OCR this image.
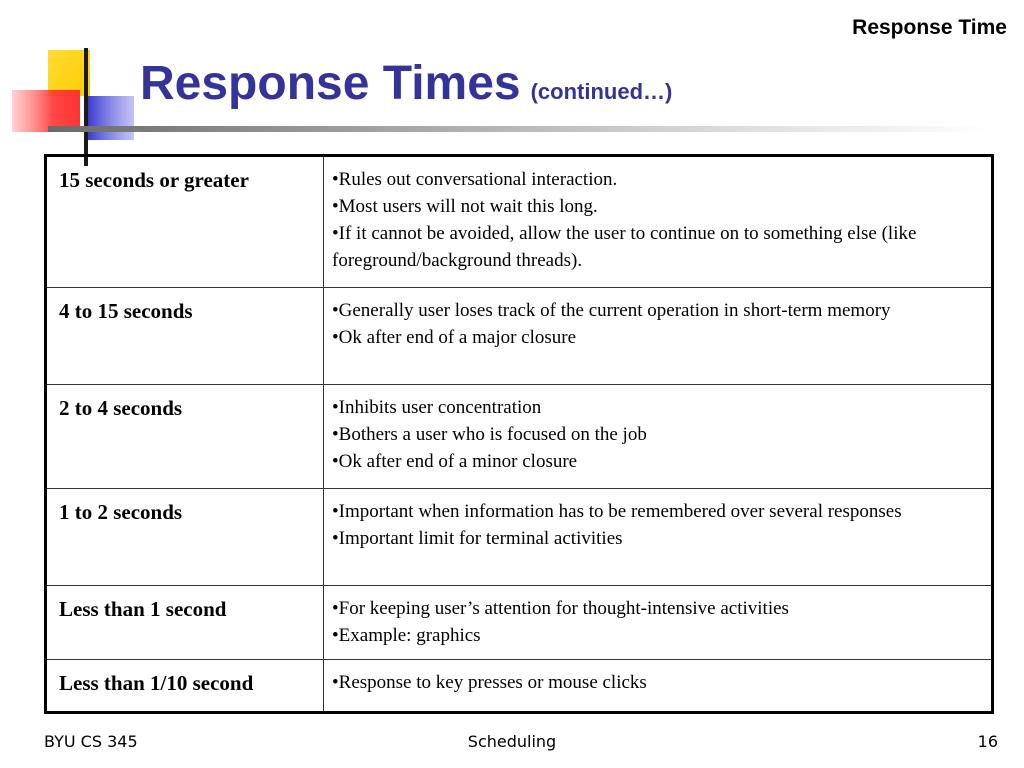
Response Time
Response Times (continued…)
15 seconds or greater	•Rules out conversational interaction.
•Most users will not wait this long.
•If it cannot be avoided, allow the user to continue on to something else (like foreground/background threads).

4 to 15 seconds	•Generally user loses track of the current operation in short-term memory
•Ok after end of a major closure

2 to 4 seconds	•Inhibits user concentration
•Bothers a user who is focused on the job
•Ok after end of a minor closure

1 to 2 seconds	•Important when information has to be remembered over several responses
•Important limit for terminal activities

Less than 1 second	•For keeping user’s attention for thought-intensive activities
•Example: graphics

Less than 1/10 second	•Response to key presses or mouse clicks
BYU CS 345	Scheduling	16
